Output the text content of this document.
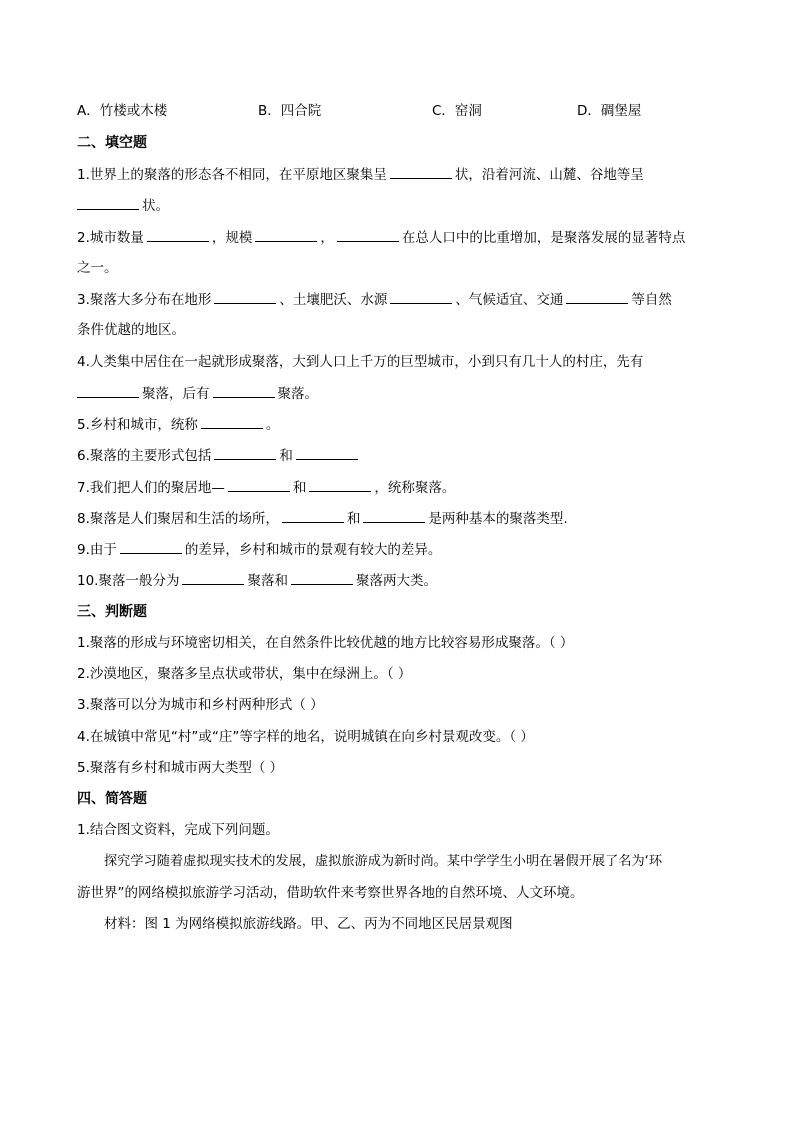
A．竹楼或木楼	B．四合院	C．窑洞	D．碉堡屋
二、填空题
1.世界上的聚落的形态各不相同，在平原地区聚集呈	状，沿着河流、山麓、谷地等呈
状。
2.城市数量	，规模	，	在总人口中的比重增加，是聚落发展的显著特点
之一。
3.聚落大多分布在地形	、土壤肥沃、水源	、气候适宜、交通	等自然
条件优越的地区。
4.人类集中居住在一起就形成聚落，大到人口上千万的巨型城市，小到只有几十人的村庄，先有
聚落，后有	聚落。
5.乡村和城市，统称	。
6.聚落的主要形式包括	和
7.我们把人们的聚居地—	和	，统称聚落。
8.聚落是人们聚居和生活的场所，	和	是两种基本的聚落类型.
9.由于	的差异，乡村和城市的景观有较大的差异。
10.聚落一般分为	聚落和	聚落两大类。
三、判断题
1.聚落的形成与环境密切相关，在自然条件比较优越的地方比较容易形成聚落。（ ）
2.沙漠地区，聚落多呈点状或带状，集中在绿洲上。（ ）
3.聚落可以分为城市和乡村两种形式（ ）
4.在城镇中常见“村”或“庄”等字样的地名，说明城镇在向乡村景观改变。（ ）
5.聚落有乡村和城市两大类型（ ）
四、简答题
1.结合图文资料，完成下列问题。
探究学习随着虚拟现实技术的发展，虚拟旅游成为新时尚。某中学学生小明在暑假开展了名为‘环
游世界”的网络模拟旅游学习活动，借助软件来考察世界各地的自然环境、人文环境。
材料：图 1 为网络模拟旅游线路。甲、乙、丙为不同地区民居景观图
